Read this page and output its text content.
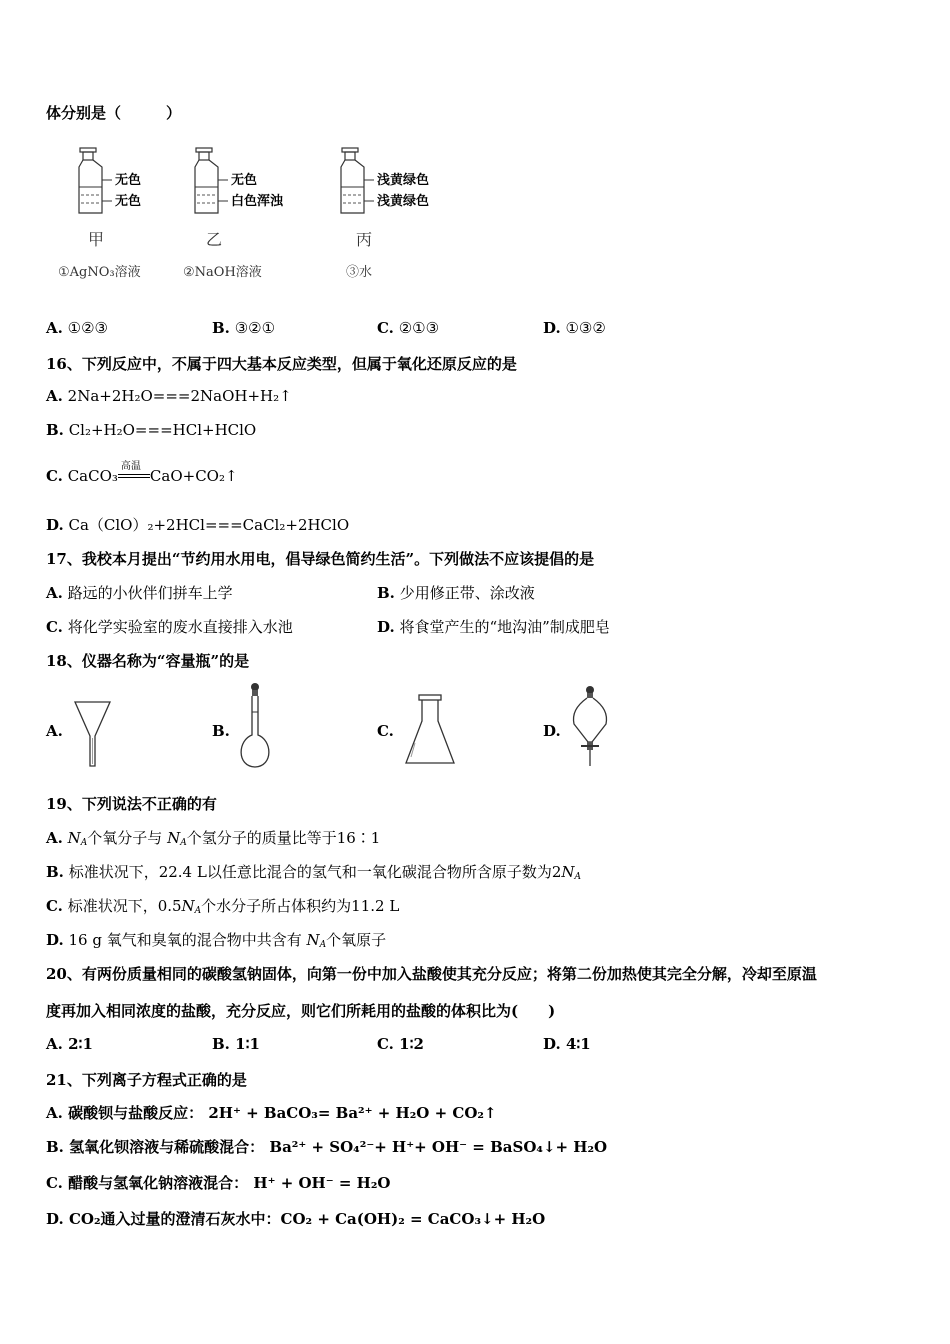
体分别是（　　　）
无色
无色
无色
白色浑浊
浅黄绿色
浅黄绿色
甲	乙	丙
①AgNO₃溶液	②NaOH溶液	③水
A. ①②③	B. ③②①	C. ②①③	D. ①③②
16、下列反应中，不属于四大基本反应类型，但属于氧化还原反应的是
A. 2Na+2H₂O===2NaOH+H₂↑
B. Cl₂+H₂O===HCl+HClO
C. CaCO₃
高温
CaO+CO₂↑
D. Ca（ClO）₂+2HCl===CaCl₂+2HClO
17、我校本月提出“节约用水用电，倡导绿色简约生活”。下列做法不应该提倡的是
A. 路远的小伙伴们拼车上学	B. 少用修正带、涂改液
C. 将化学实验室的废水直接排入水池	D. 将食堂产生的“地沟油”制成肥皂
18、仪器名称为“容量瓶”的是
A.	B.	C.	D.
19、下列说法不正确的有
A. $N_A$个氧分子与 $N_A$个氢分子的质量比等于16∶1
B. 标准状况下，22.4 L以任意比混合的氢气和一氧化碳混合物所含原子数为$2N_A$
C. 标准状况下，$0.5N_A$个水分子所占体积约为11.2 L
D. 16 g 氧气和臭氧的混合物中共含有 $N_A$个氧原子
20、有两份质量相同的碳酸氢钠固体，向第一份中加入盐酸使其充分反应；将第二份加热使其完全分解，冷却至原温
度再加入相同浓度的盐酸，充分反应，则它们所耗用的盐酸的体积比为(　　)
A. 2∶1	B. 1∶1	C. 1∶2	D. 4∶1
21、下列离子方程式正确的是
A. 碳酸钡与盐酸反应： 2H⁺ + BaCO₃= Ba²⁺ + H₂O + CO₂↑
B. 氢氧化钡溶液与稀硫酸混合： Ba²⁺ + SO₄²⁻+ H⁺+ OH⁻ = BaSO₄↓+ H₂O
C. 醋酸与氢氧化钠溶液混合： H⁺ + OH⁻ = H₂O
D. CO₂通入过量的澄清石灰水中：CO₂ + Ca(OH)₂ = CaCO₃↓+ H₂O
